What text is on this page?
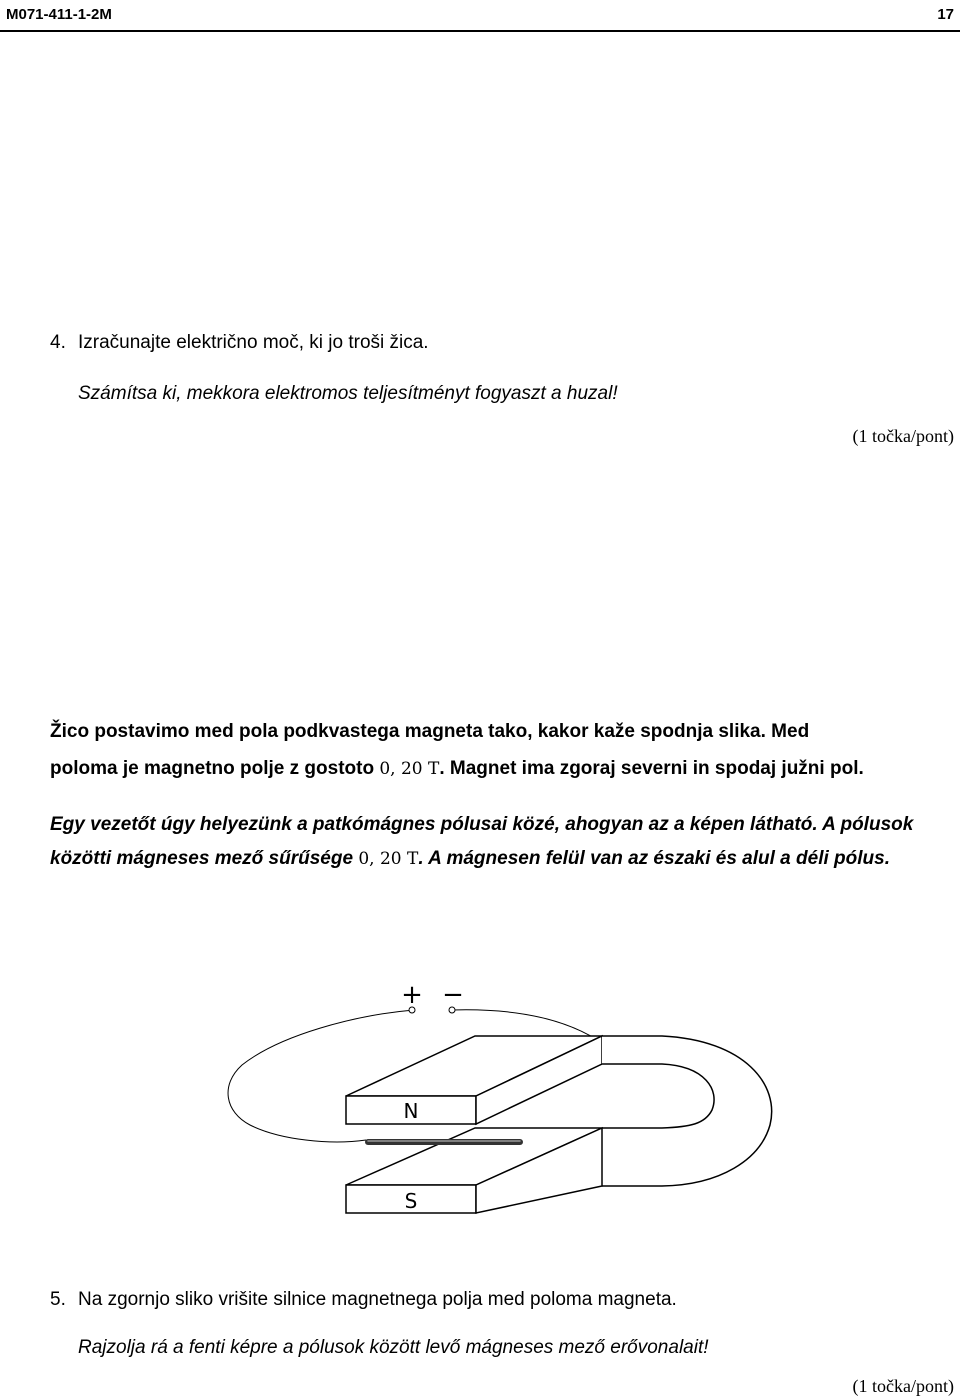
M071-411-1-2M	17
4. Izračunajte električno moč, ki jo troši žica.
Számítsa ki, mekkora elektromos teljesítményt fogyaszt a huzal!
(1 točka/pont)
Žico postavimo med pola podkvastega magneta tako, kakor kaže spodnja slika. Med
poloma je magnetno polje z gostoto 0, 20 T. Magnet ima zgoraj severni in spodaj južni pol.
Egy vezetőt úgy helyezünk a patkómágnes pólusai közé, ahogyan az a képen látható. A pólusok
közötti mágneses mező sűrűsége 0, 20 T. A mágnesen felül van az északi és alul a déli pólus.
+ −
N
S
5. Na zgornjo sliko vrišite silnice magnetnega polja med poloma magneta.
Rajzolja rá a fenti képre a pólusok között levő mágneses mező erővonalait!
(1 točka/pont)
